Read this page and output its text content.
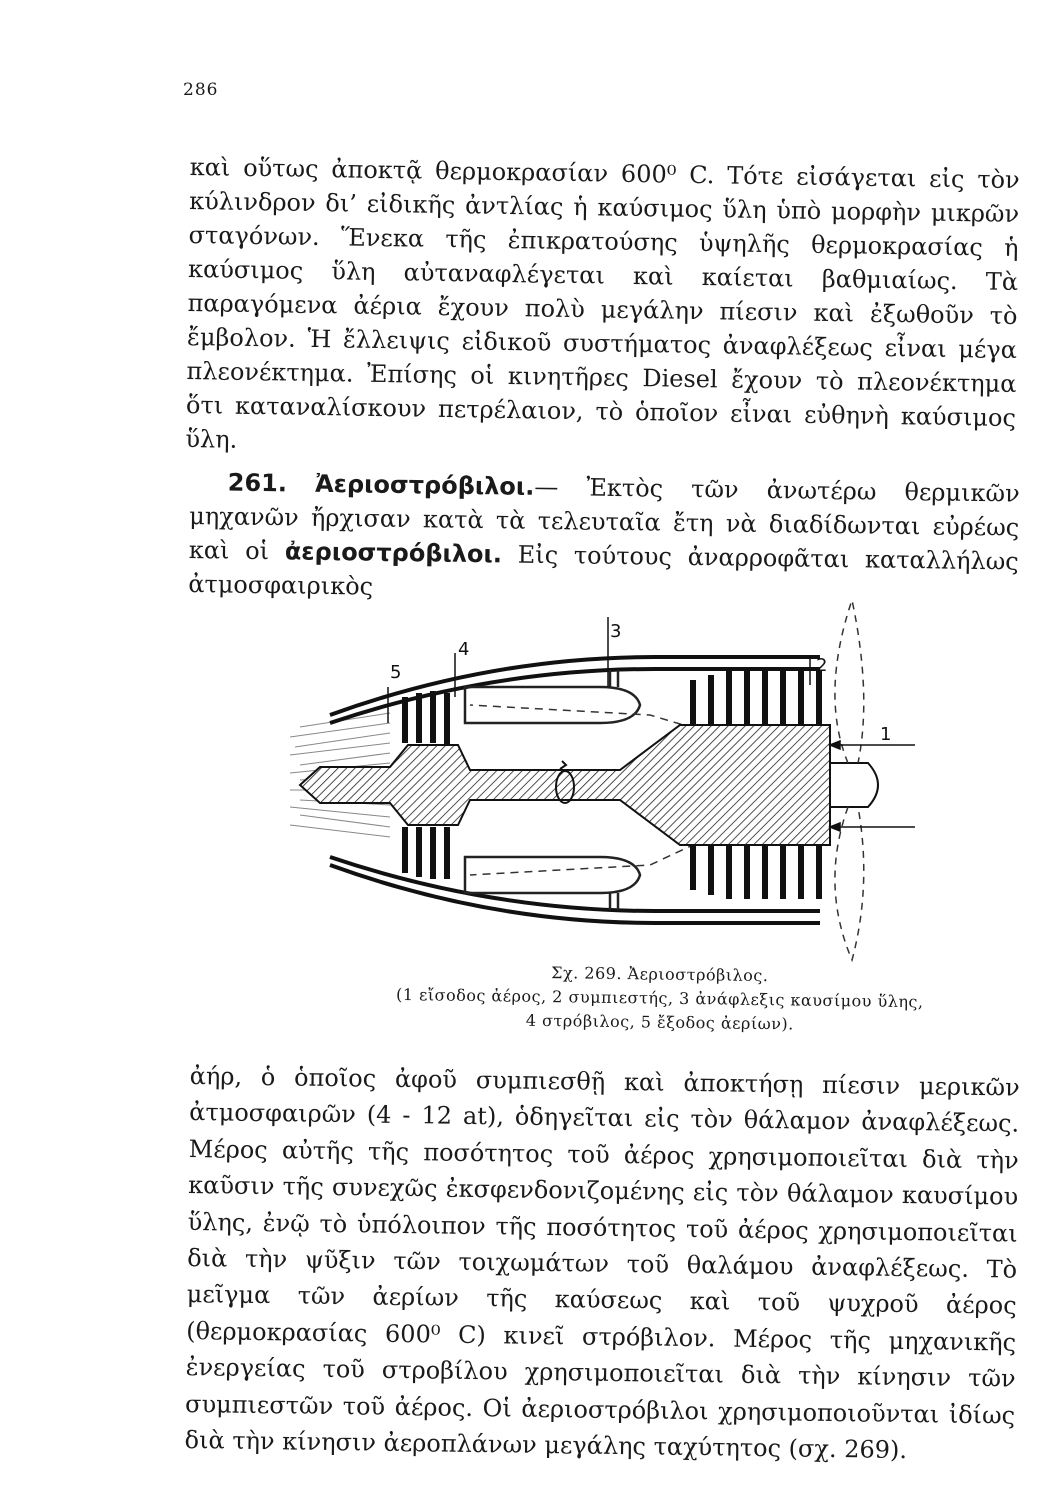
286

καὶ οὕτως ἀποκτᾷ θερμοκρασίαν 600⁰ C. Τότε εἰσάγεται εἰς τὸν κύλινδρον δι’ εἰδικῆς ἀντλίας ἡ καύσιμος ὕλη ὑπὸ μορφὴν μικρῶν σταγόνων. Ἕνεκα τῆς ἐπικρατούσης ὑψηλῆς θερμοκρασίας ἡ καύσιμος ὕλη αὐταναφλέγεται καὶ καίεται βαθμιαίως. Τὰ παραγόμενα ἀέρια ἔχουν πολὺ μεγάλην πίεσιν καὶ ἐξωθοῦν τὸ ἔμβολον. Ἡ ἔλλειψις εἰδικοῦ συστήματος ἀναφλέξεως εἶναι μέγα πλεονέκτημα. Ἐπίσης οἱ κινητῆρες Diesel ἔχουν τὸ πλεονέκτημα ὅτι καταναλίσκουν πετρέλαιον, τὸ ὁποῖον εἶναι εὐθηνὴ καύσιμος ὕλη.

261. Ἀεριοστρόβιλοι.— Ἐκτὸς τῶν ἀνωτέρω θερμικῶν μηχανῶν ἤρχισαν κατὰ τὰ τελευταῖα ἔτη νὰ διαδίδωνται εὐρέως καὶ οἱ ἀεριοστρόβιλοι. Εἰς τούτους ἀναρροφᾶται καταλλήλως ἀτμοσφαιρικὸς

5
4
3
2
1

Σχ. 269. Ἀεριοστρόβιλος.

(1 εἴσοδος ἀέρος, 2 συμπιεστής, 3 ἀνάφλεξις καυσίμου ὕλης,

4 στρόβιλος, 5 ἔξοδος ἀερίων).

ἀήρ, ὁ ὁποῖος ἀφοῦ συμπιεσθῇ καὶ ἀποκτήσῃ πίεσιν μερικῶν ἀτμοσφαιρῶν (4 - 12 at), ὁδηγεῖται εἰς τὸν θάλαμον ἀναφλέξεως. Μέρος αὐτῆς τῆς ποσότητος τοῦ ἀέρος χρησιμοποιεῖται διὰ τὴν καῦσιν τῆς συνεχῶς ἐκσφενδονιζομένης εἰς τὸν θάλαμον καυσίμου ὕλης, ἐνῷ τὸ ὑπόλοιπον τῆς ποσότητος τοῦ ἀέρος χρησιμοποιεῖται διὰ τὴν ψῦξιν τῶν τοιχωμάτων τοῦ θαλάμου ἀναφλέξεως. Τὸ μεῖγμα τῶν ἀερίων τῆς καύσεως καὶ τοῦ ψυχροῦ ἀέρος (θερμοκρασίας 600⁰ C) κινεῖ στρόβιλον. Μέρος τῆς μηχανικῆς ἐνεργείας τοῦ στροβίλου χρησιμοποιεῖται διὰ τὴν κίνησιν τῶν συμπιεστῶν τοῦ ἀέρος. Οἱ ἀεριοστρόβιλοι χρησιμοποιοῦνται ἰδίως διὰ τὴν κίνησιν ἀεροπλάνων μεγάλης ταχύτητος (σχ. 269).
